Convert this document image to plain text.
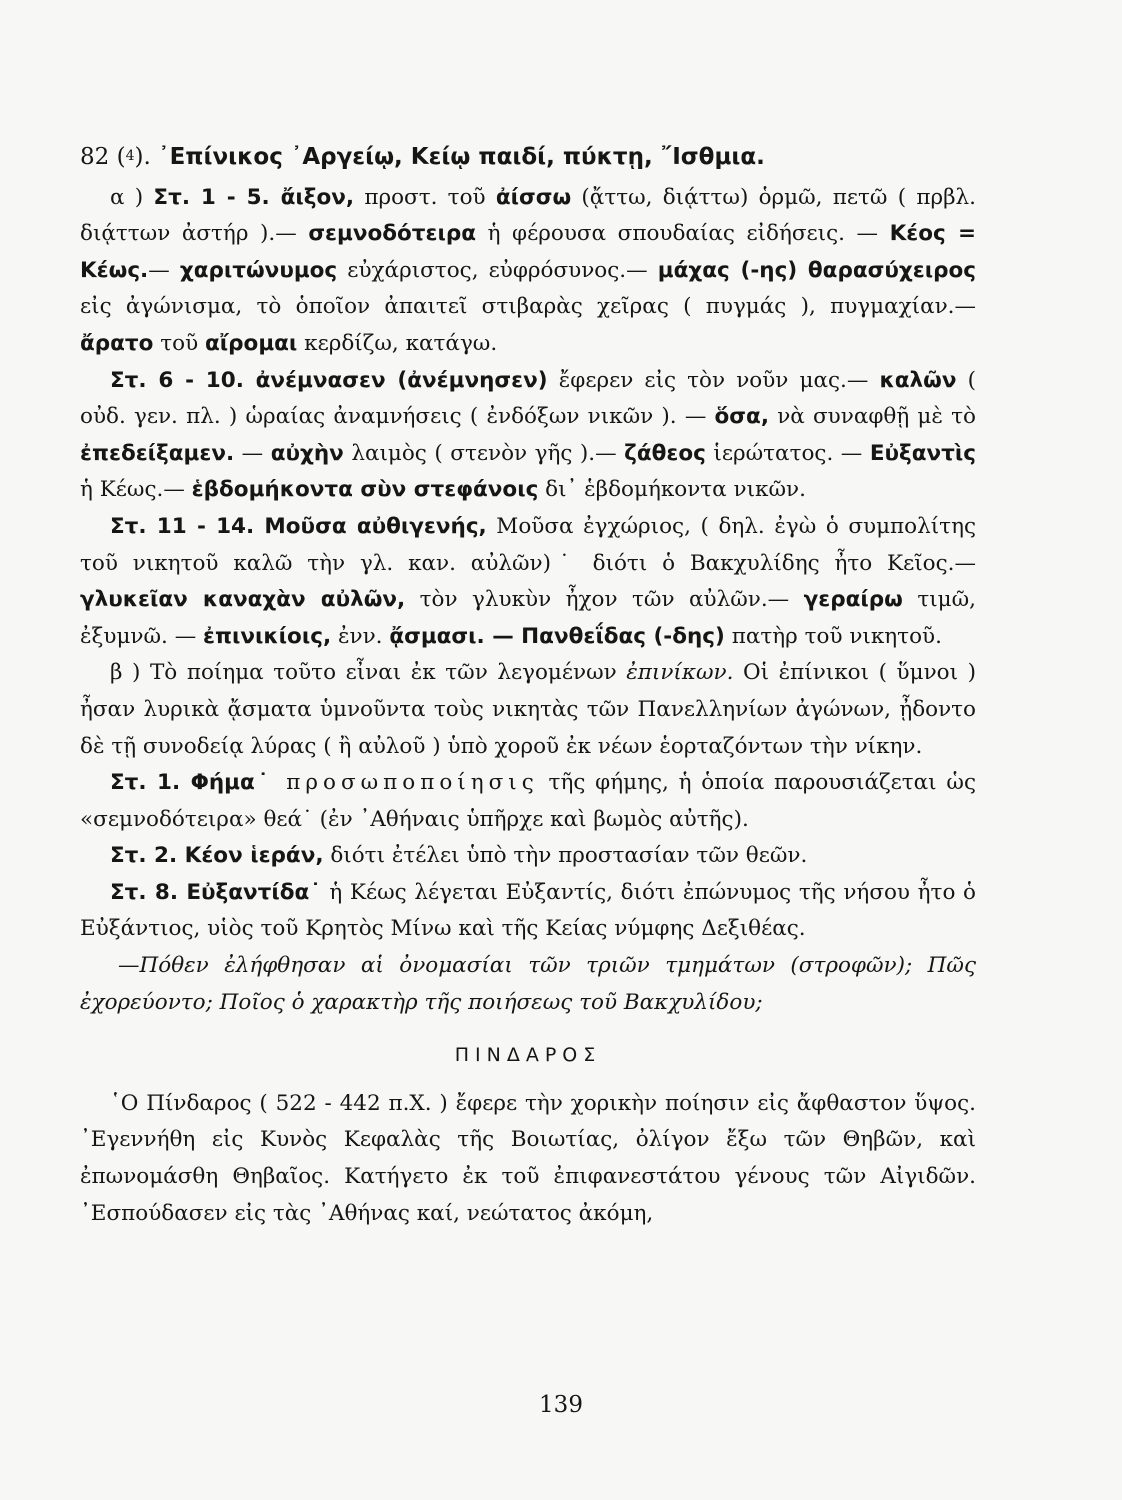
82 ($^4$). ᾿Επίνικος ᾿Αργείῳ, Κείῳ παιδί, πύκτῃ, ῎Ισθμια.

α ) Στ. 1 - 5. ἄιξον, προστ. τοῦ ἀίσσω (ᾄττω, διᾴττω) ὁρμῶ, πετῶ ( πρβλ. διᾴττων ἀστήρ ).— σεμνοδότειρα ἡ φέρουσα σπουδαίας εἰδήσεις. — Κέος = Κέως.— χαριτώνυμος εὐχάριστος, εὐφρόσυνος.— μάχας (-ης) θαρασύχειρος εἰς ἀγώνισμα, τὸ ὁποῖον ἀπαιτεῖ στιβαρὰς χεῖρας ( πυγμάς ), πυγμαχίαν.— ἄρατο τοῦ αἴρομαι κερδίζω, κατάγω.

Στ. 6 - 10. ἀνέμνασεν (ἀνέμνησεν) ἔφερεν εἰς τὸν νοῦν μας.— καλῶν ( οὐδ. γεν. πλ. ) ὡραίας ἀναμνήσεις ( ἐνδόξων νικῶν ). — ὅσα, νὰ συναφθῇ μὲ τὸ ἐπεδείξαμεν. — αὐχὴν λαιμὸς ( στενὸν γῆς ).— ζάθεος ἱερώτατος. — Εὐξαντὶς ἡ Κέως.— ἑβδομήκοντα σὺν στεφάνοις δι᾿ ἑβδομήκοντα νικῶν.

Στ. 11 - 14. Μοῦσα αὐθιγενής, Μοῦσα ἐγχώριος, ( δηλ. ἐγὼ ὁ συμπολίτης τοῦ νικητοῦ καλῶ τὴν γλ. καν. αὐλῶν)˙ διότι ὁ Βακχυλίδης ἦτο Κεῖος.— γλυκεῖαν καναχὰν αὐλῶν, τὸν γλυκὺν ἦχον τῶν αὐλῶν.— γεραίρω τιμῶ, ἐξυμνῶ. — ἐπινικίοις, ἐνν. ᾄσμασι. — Πανθεΐδας (-δης) πατὴρ τοῦ νικητοῦ.

β ) Τὸ ποίημα τοῦτο εἶναι ἐκ τῶν λεγομένων ἐπινίκων. Οἱ ἐπίνικοι ( ὕμνοι ) ἦσαν λυρικὰ ᾄσματα ὑμνοῦντα τοὺς νικητὰς τῶν Πανελληνίων ἀγώνων, ᾖδοντο δὲ τῇ συνοδείᾳ λύρας ( ἢ αὐλοῦ ) ὑπὸ χοροῦ ἐκ νέων ἑορταζόντων τὴν νίκην.

Στ. 1. Φήμα˙ προσωποποίησις τῆς φήμης, ἡ ὁποία παρουσιάζεται ὡς «σεμνοδότειρα» θεά˙ (ἐν ᾿Αθήναις ὑπῆρχε καὶ βωμὸς αὐτῆς).

Στ. 2. Κέον ἱεράν, διότι ἐτέλει ὑπὸ τὴν προστασίαν τῶν θεῶν.

Στ. 8. Εὐξαντίδα˙ ἡ Κέως λέγεται Εὐξαντίς, διότι ἐπώνυμος τῆς νήσου ἦτο ὁ Εὐξάντιος, υἱὸς τοῦ Κρητὸς Μίνω καὶ τῆς Κείας νύμφης Δεξιθέας.

—Πόθεν ἐλήφθησαν αἱ ὀνομασίαι τῶν τριῶν τμημάτων (στροφῶν); Πῶς ἐχορεύοντο; Ποῖος ὁ χαρακτὴρ τῆς ποιήσεως τοῦ Βακχυλίδου;

ΠΙΝΔΑΡΟΣ

῾Ο Πίνδαρος ( 522 - 442 π.Χ. ) ἔφερε τὴν χορικὴν ποίησιν εἰς ἄφθαστον ὕψος. ᾿Εγεννήθη εἰς Κυνὸς Κεφαλὰς τῆς Βοιωτίας, ὀλίγον ἔξω τῶν Θηβῶν, καὶ ἐπωνομάσθη Θηβαῖος. Κατήγετο ἐκ τοῦ ἐπιφανεστάτου γένους τῶν Αἰγιδῶν. ᾿Εσπούδασεν εἰς τὰς ᾿Αθήνας καί, νεώτατος ἀκόμη,

139
